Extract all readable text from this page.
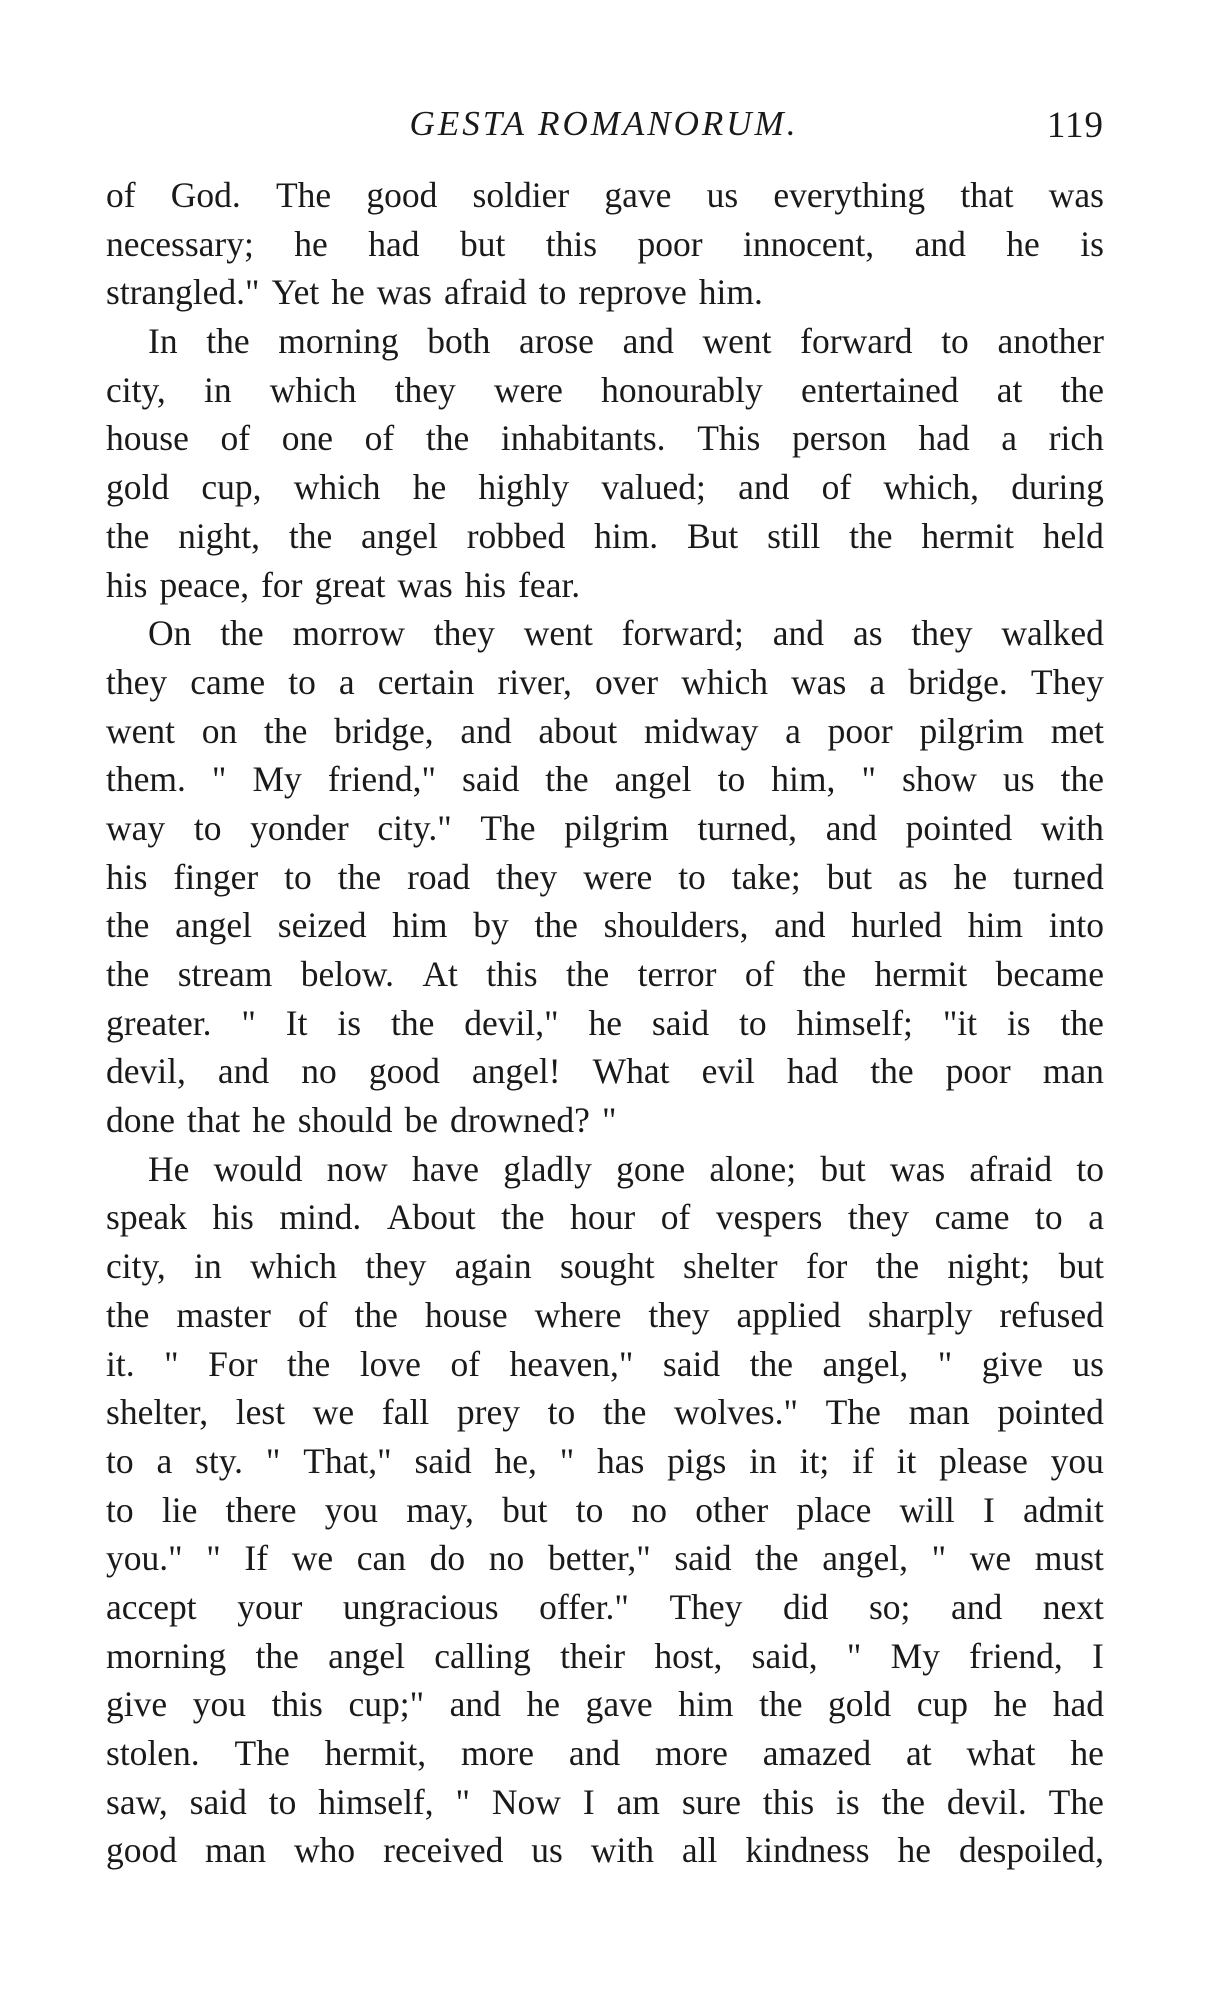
GESTA ROMANORUM.	119
of God. The good soldier gave us everything that was
necessary; he had but this poor innocent, and he is
strangled." Yet he was afraid to reprove him.
In the morning both arose and went forward to another
city, in which they were honourably entertained at the
house of one of the inhabitants. This person had a rich
gold cup, which he highly valued; and of which, during
the night, the angel robbed him. But still the hermit held
his peace, for great was his fear.
On the morrow they went forward; and as they walked
they came to a certain river, over which was a bridge. They
went on the bridge, and about midway a poor pilgrim met
them. " My friend," said the angel to him, " show us the
way to yonder city." The pilgrim turned, and pointed with
his finger to the road they were to take; but as he turned
the angel seized him by the shoulders, and hurled him into
the stream below. At this the terror of the hermit became
greater. " It is the devil," he said to himself; "it is the
devil, and no good angel! What evil had the poor man
done that he should be drowned? "
He would now have gladly gone alone; but was afraid to
speak his mind. About the hour of vespers they came to a
city, in which they again sought shelter for the night; but
the master of the house where they applied sharply refused
it. " For the love of heaven," said the angel, " give us
shelter, lest we fall prey to the wolves." The man pointed
to a sty. " That," said he, " has pigs in it; if it please you
to lie there you may, but to no other place will I admit
you." " If we can do no better," said the angel, " we must
accept your ungracious offer." They did so; and next
morning the angel calling their host, said, " My friend, I
give you this cup;" and he gave him the gold cup he had
stolen. The hermit, more and more amazed at what he
saw, said to himself, " Now I am sure this is the devil. The
good man who received us with all kindness he despoiled,
